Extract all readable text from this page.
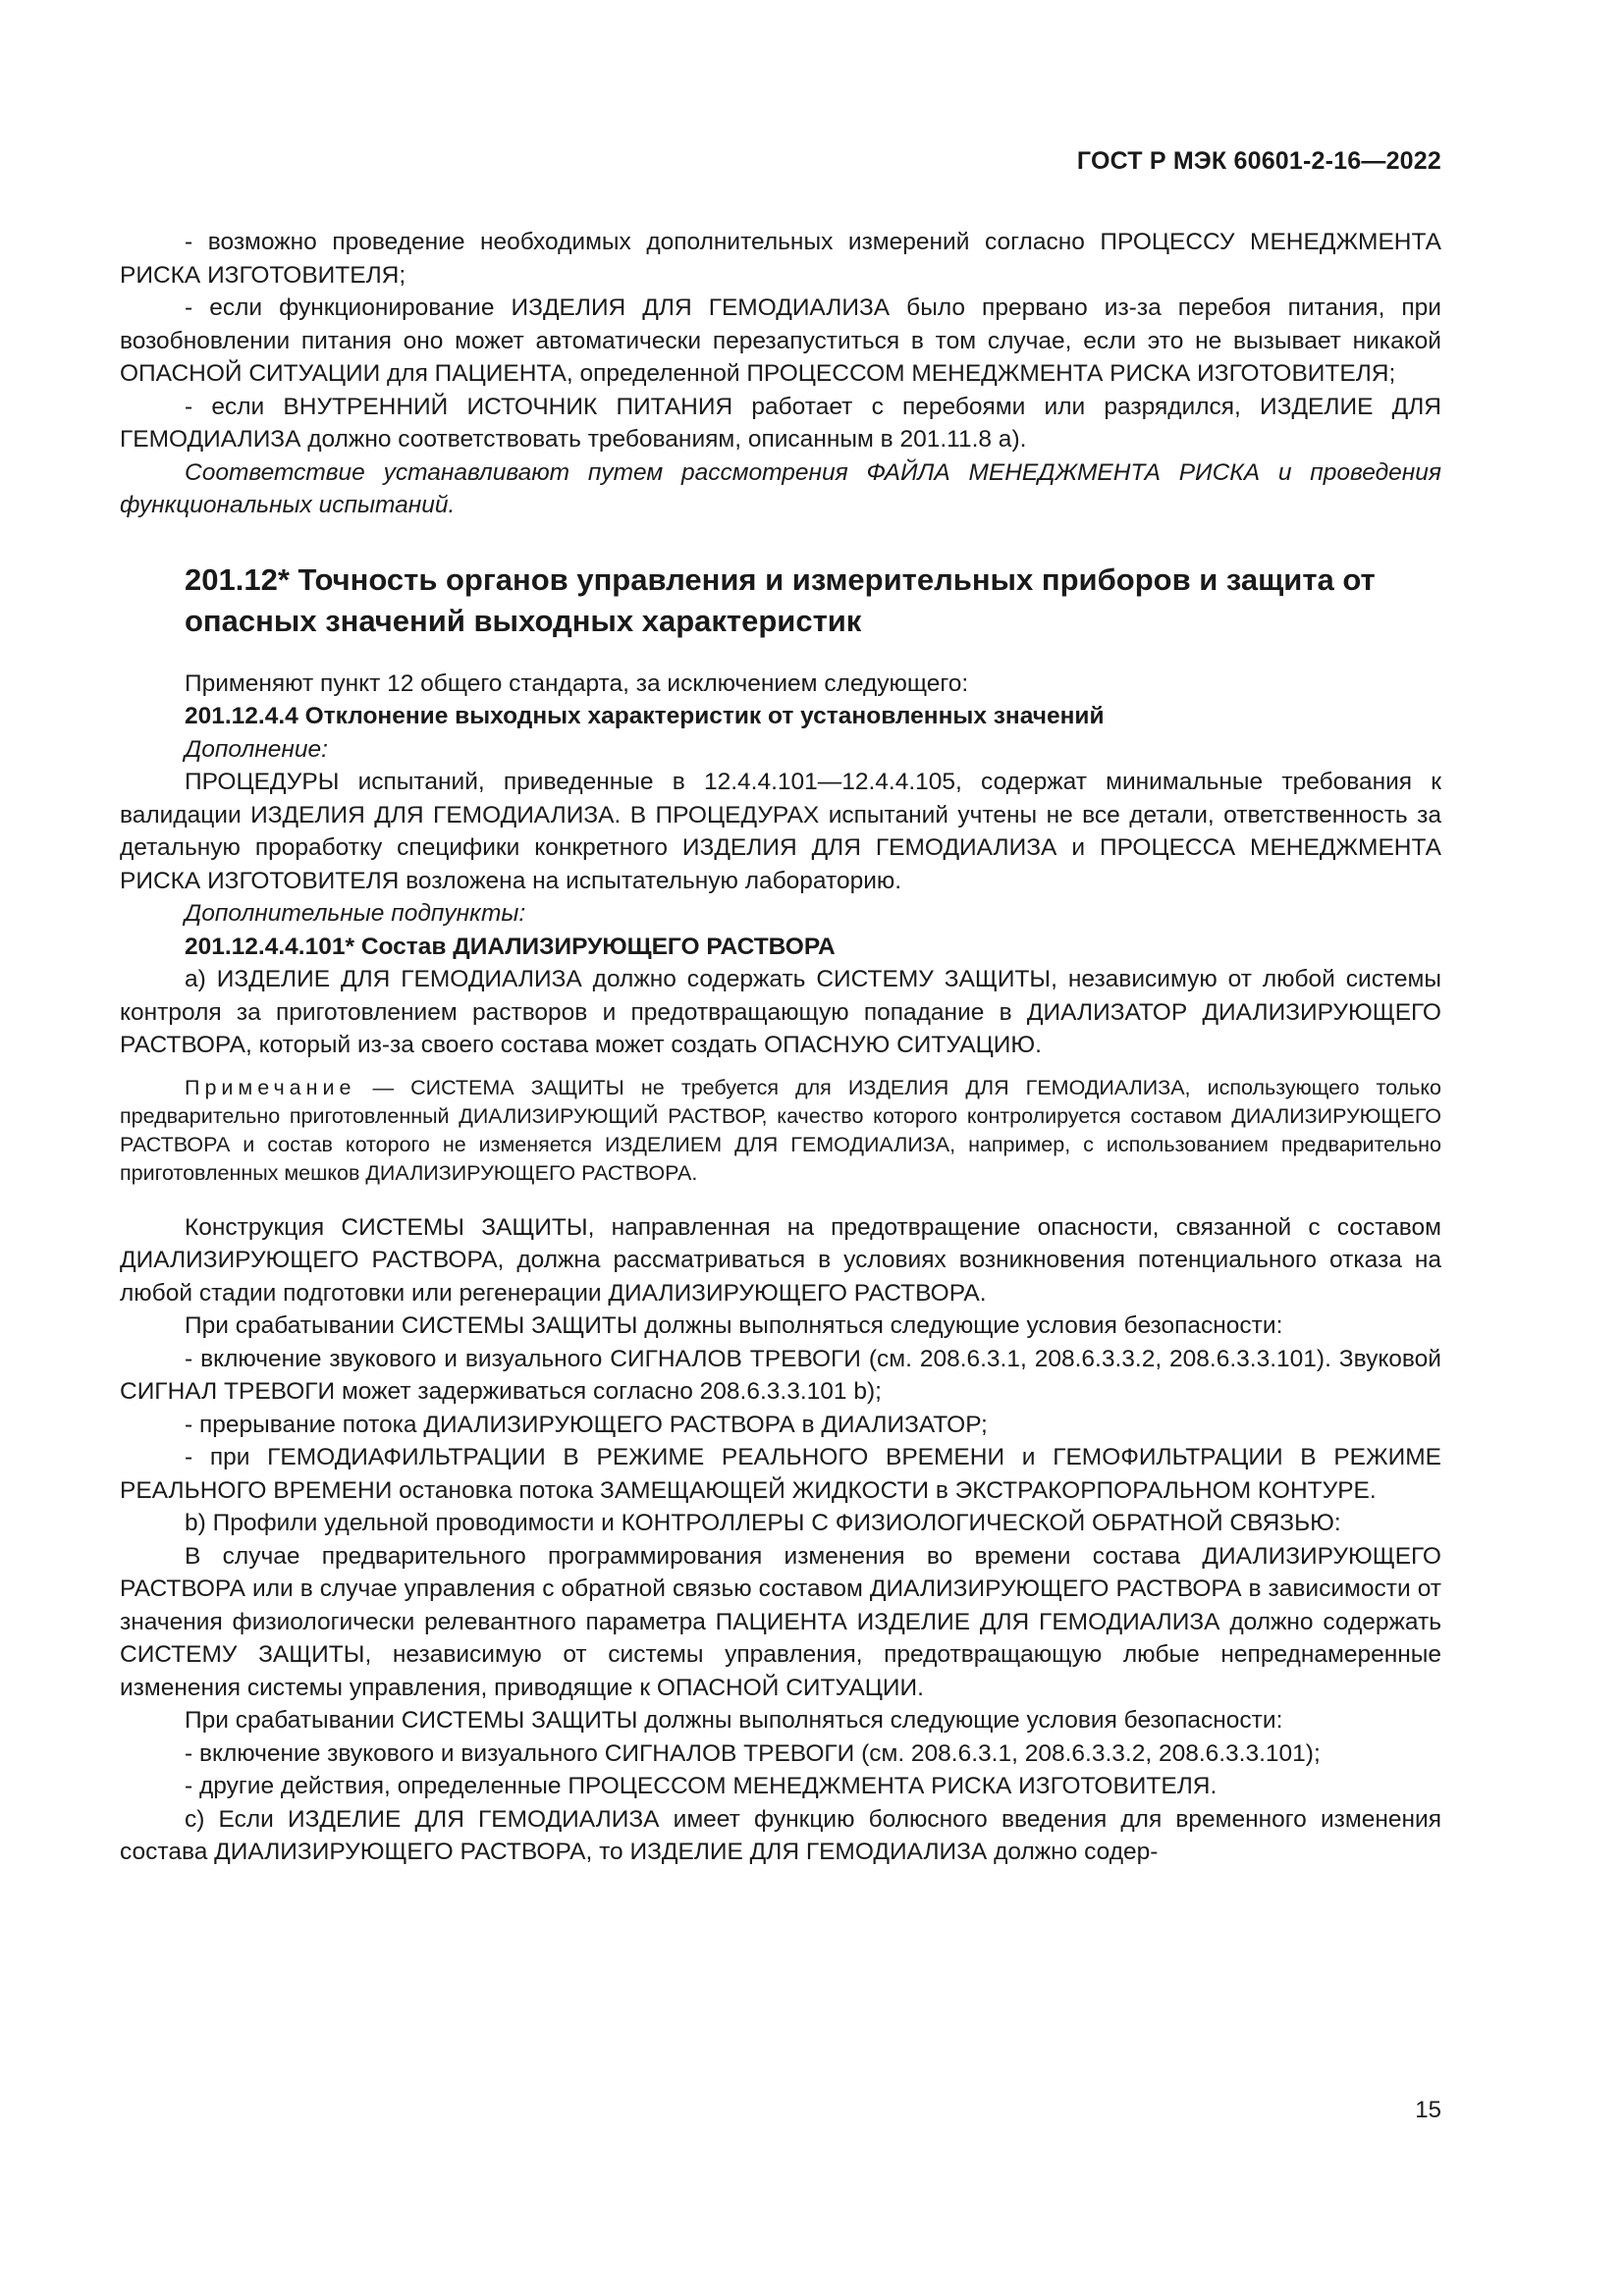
ГОСТ Р МЭК 60601-2-16—2022

- возможно проведение необходимых дополнительных измерений согласно ПРОЦЕССУ МЕНЕДЖМЕНТА РИСКА ИЗГОТОВИТЕЛЯ;

- если функционирование ИЗДЕЛИЯ ДЛЯ ГЕМОДИАЛИЗА было прервано из-за перебоя питания, при возобновлении питания оно может автоматически перезапуститься в том случае, если это не вызывает никакой ОПАСНОЙ СИТУАЦИИ для ПАЦИЕНТА, определенной ПРОЦЕССОМ МЕНЕДЖМЕНТА РИСКА ИЗГОТОВИТЕЛЯ;

- если ВНУТРЕННИЙ ИСТОЧНИК ПИТАНИЯ работает с перебоями или разрядился, ИЗДЕЛИЕ ДЛЯ ГЕМОДИАЛИЗА должно соответствовать требованиям, описанным в 201.11.8 а).

Соответствие устанавливают путем рассмотрения ФАЙЛА МЕНЕДЖМЕНТА РИСКА и проведения функциональных испытаний.

201.12* Точность органов управления и измерительных приборов и защита от опасных значений выходных характеристик

Применяют пункт 12 общего стандарта, за исключением следующего:

201.12.4.4 Отклонение выходных характеристик от установленных значений

Дополнение:

ПРОЦЕДУРЫ испытаний, приведенные в 12.4.4.101—12.4.4.105, содержат минимальные требования к валидации ИЗДЕЛИЯ ДЛЯ ГЕМОДИАЛИЗА. В ПРОЦЕДУРАХ испытаний учтены не все детали, ответственность за детальную проработку специфики конкретного ИЗДЕЛИЯ ДЛЯ ГЕМОДИАЛИЗА и ПРОЦЕССА МЕНЕДЖМЕНТА РИСКА ИЗГОТОВИТЕЛЯ возложена на испытательную лабораторию.

Дополнительные подпункты:

201.12.4.4.101* Состав ДИАЛИЗИРУЮЩЕГО РАСТВОРА

a) ИЗДЕЛИЕ ДЛЯ ГЕМОДИАЛИЗА должно содержать СИСТЕМУ ЗАЩИТЫ, независимую от любой системы контроля за приготовлением растворов и предотвращающую попадание в ДИАЛИЗАТОР ДИАЛИЗИРУЮЩЕГО РАСТВОРА, который из-за своего состава может создать ОПАСНУЮ СИТУАЦИЮ.

Примечание — СИСТЕМА ЗАЩИТЫ не требуется для ИЗДЕЛИЯ ДЛЯ ГЕМОДИАЛИЗА, использующего только предварительно приготовленный ДИАЛИЗИРУЮЩИЙ РАСТВОР, качество которого контролируется составом ДИАЛИЗИРУЮЩЕГО РАСТВОРА и состав которого не изменяется ИЗДЕЛИЕМ ДЛЯ ГЕМОДИАЛИЗА, например, с использованием предварительно приготовленных мешков ДИАЛИЗИРУЮЩЕГО РАСТВОРА.

Конструкция СИСТЕМЫ ЗАЩИТЫ, направленная на предотвращение опасности, связанной с составом ДИАЛИЗИРУЮЩЕГО РАСТВОРА, должна рассматриваться в условиях возникновения потенциального отказа на любой стадии подготовки или регенерации ДИАЛИЗИРУЮЩЕГО РАСТВОРА.

При срабатывании СИСТЕМЫ ЗАЩИТЫ должны выполняться следующие условия безопасности:

- включение звукового и визуального СИГНАЛОВ ТРЕВОГИ (см. 208.6.3.1, 208.6.3.3.2, 208.6.3.3.101). Звуковой СИГНАЛ ТРЕВОГИ может задерживаться согласно 208.6.3.3.101 b);

- прерывание потока ДИАЛИЗИРУЮЩЕГО РАСТВОРА в ДИАЛИЗАТОР;

- при ГЕМОДИАФИЛЬТРАЦИИ В РЕЖИМЕ РЕАЛЬНОГО ВРЕМЕНИ и ГЕМОФИЛЬТРАЦИИ В РЕЖИМЕ РЕАЛЬНОГО ВРЕМЕНИ остановка потока ЗАМЕЩАЮЩЕЙ ЖИДКОСТИ в ЭКСТРАКОРПОРАЛЬНОМ КОНТУРЕ.

b) Профили удельной проводимости и КОНТРОЛЛЕРЫ С ФИЗИОЛОГИЧЕСКОЙ ОБРАТНОЙ СВЯЗЬЮ:

В случае предварительного программирования изменения во времени состава ДИАЛИЗИРУЮЩЕГО РАСТВОРА или в случае управления с обратной связью составом ДИАЛИЗИРУЮЩЕГО РАСТВОРА в зависимости от значения физиологически релевантного параметра ПАЦИЕНТА ИЗДЕЛИЕ ДЛЯ ГЕМОДИАЛИЗА должно содержать СИСТЕМУ ЗАЩИТЫ, независимую от системы управления, предотвращающую любые непреднамеренные изменения системы управления, приводящие к ОПАСНОЙ СИТУАЦИИ.

При срабатывании СИСТЕМЫ ЗАЩИТЫ должны выполняться следующие условия безопасности:

- включение звукового и визуального СИГНАЛОВ ТРЕВОГИ (см. 208.6.3.1, 208.6.3.3.2, 208.6.3.3.101);

- другие действия, определенные ПРОЦЕССОМ МЕНЕДЖМЕНТА РИСКА ИЗГОТОВИТЕЛЯ.

c) Если ИЗДЕЛИЕ ДЛЯ ГЕМОДИАЛИЗА имеет функцию болюсного введения для временного изменения состава ДИАЛИЗИРУЮЩЕГО РАСТВОРА, то ИЗДЕЛИЕ ДЛЯ ГЕМОДИАЛИЗА должно содер-

15
